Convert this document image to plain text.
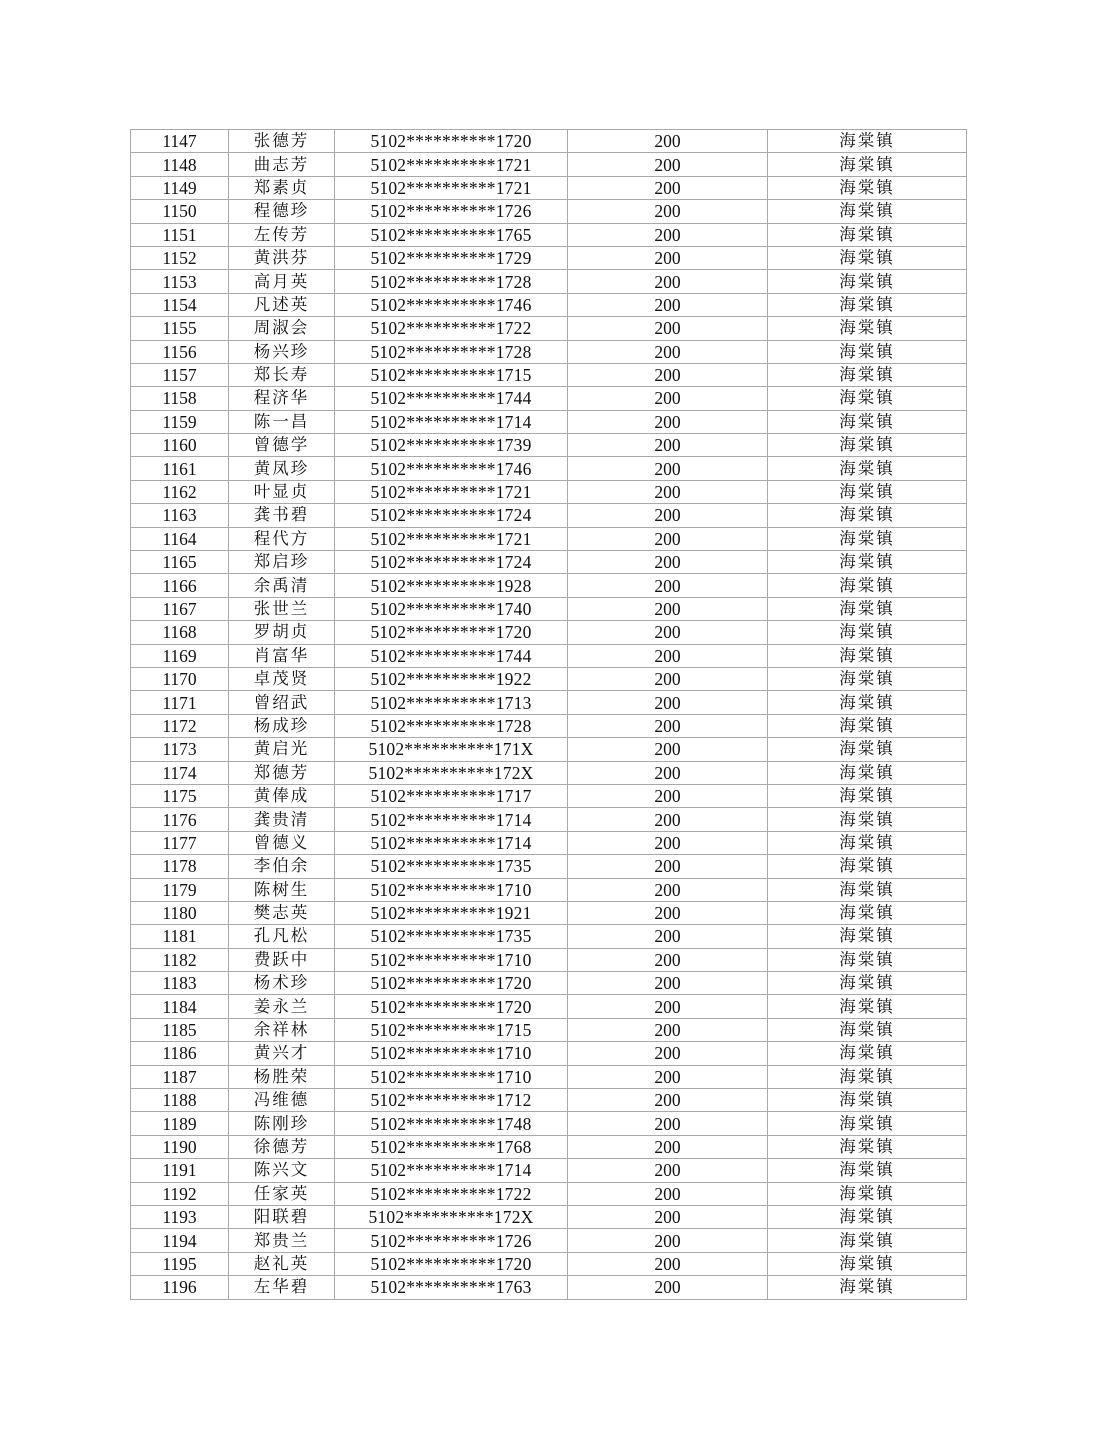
1147	张德芳	5102**********1720	200	海棠镇
1148	曲志芳	5102**********1721	200	海棠镇
1149	郑素贞	5102**********1721	200	海棠镇
1150	程德珍	5102**********1726	200	海棠镇
1151	左传芳	5102**********1765	200	海棠镇
1152	黄洪芬	5102**********1729	200	海棠镇
1153	高月英	5102**********1728	200	海棠镇
1154	凡述英	5102**********1746	200	海棠镇
1155	周淑会	5102**********1722	200	海棠镇
1156	杨兴珍	5102**********1728	200	海棠镇
1157	郑长寿	5102**********1715	200	海棠镇
1158	程济华	5102**********1744	200	海棠镇
1159	陈一昌	5102**********1714	200	海棠镇
1160	曾德学	5102**********1739	200	海棠镇
1161	黄凤珍	5102**********1746	200	海棠镇
1162	叶显贞	5102**********1721	200	海棠镇
1163	龚书碧	5102**********1724	200	海棠镇
1164	程代方	5102**********1721	200	海棠镇
1165	郑启珍	5102**********1724	200	海棠镇
1166	余禹清	5102**********1928	200	海棠镇
1167	张世兰	5102**********1740	200	海棠镇
1168	罗胡贞	5102**********1720	200	海棠镇
1169	肖富华	5102**********1744	200	海棠镇
1170	卓茂贤	5102**********1922	200	海棠镇
1171	曾绍武	5102**********1713	200	海棠镇
1172	杨成珍	5102**********1728	200	海棠镇
1173	黄启光	5102**********171X	200	海棠镇
1174	郑德芳	5102**********172X	200	海棠镇
1175	黄俸成	5102**********1717	200	海棠镇
1176	龚贵清	5102**********1714	200	海棠镇
1177	曾德义	5102**********1714	200	海棠镇
1178	李伯余	5102**********1735	200	海棠镇
1179	陈树生	5102**********1710	200	海棠镇
1180	樊志英	5102**********1921	200	海棠镇
1181	孔凡松	5102**********1735	200	海棠镇
1182	费跃中	5102**********1710	200	海棠镇
1183	杨术珍	5102**********1720	200	海棠镇
1184	姜永兰	5102**********1720	200	海棠镇
1185	余祥林	5102**********1715	200	海棠镇
1186	黄兴才	5102**********1710	200	海棠镇
1187	杨胜荣	5102**********1710	200	海棠镇
1188	冯维德	5102**********1712	200	海棠镇
1189	陈刚珍	5102**********1748	200	海棠镇
1190	徐德芳	5102**********1768	200	海棠镇
1191	陈兴文	5102**********1714	200	海棠镇
1192	任家英	5102**********1722	200	海棠镇
1193	阳联碧	5102**********172X	200	海棠镇
1194	郑贵兰	5102**********1726	200	海棠镇
1195	赵礼英	5102**********1720	200	海棠镇
1196	左华碧	5102**********1763	200	海棠镇
